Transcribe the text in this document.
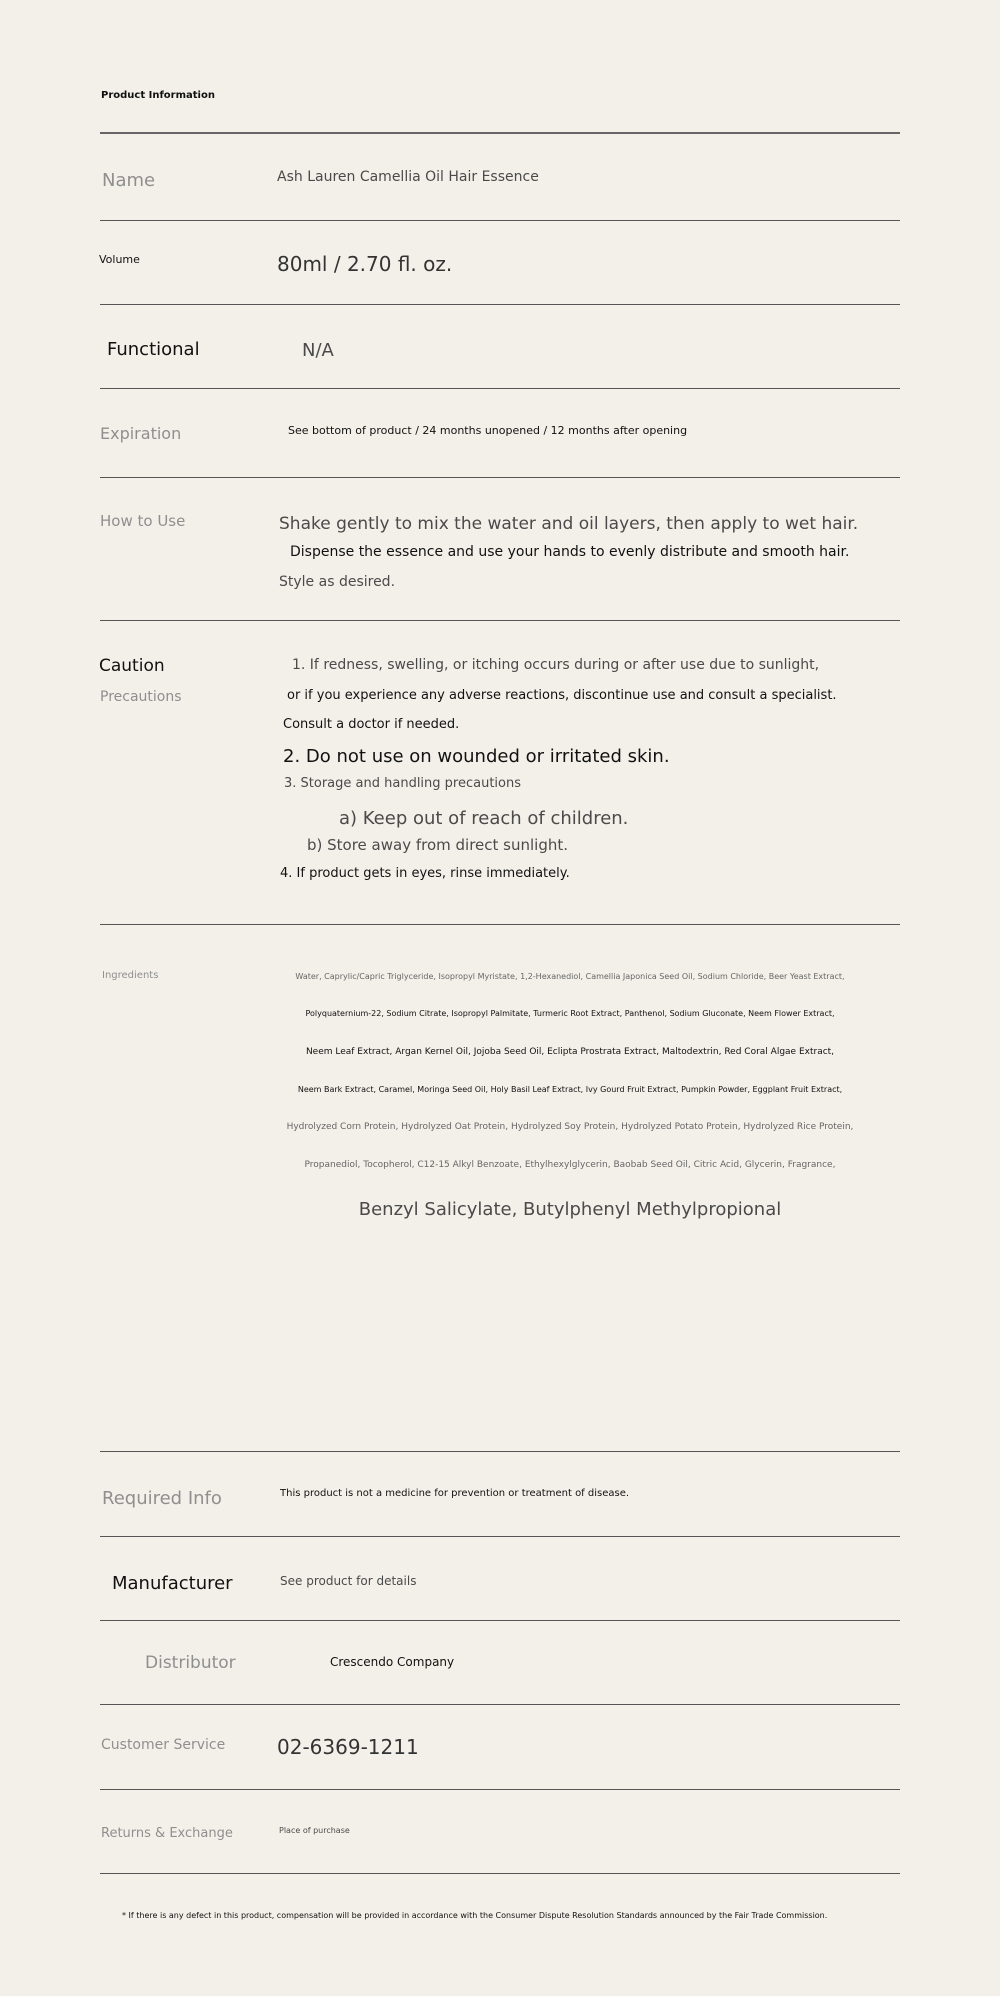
Product Information
Name	Ash Lauren Camellia Oil Hair Essence
Volume	80ml / 2.70 fl. oz.
Functional	N/A
Expiration	See bottom of product / 24 months unopened / 12 months after opening
How to Use	Shake gently to mix the water and oil layers, then apply to wet hair.
Dispense the essence and use your hands to evenly distribute and smooth hair.
Style as desired.
Caution
Precautions
1. If redness, swelling, or itching occurs during or after use due to sunlight,
or if you experience any adverse reactions, discontinue use and consult a specialist.
Consult a doctor if needed.
2. Do not use on wounded or irritated skin.
3. Storage and handling precautions
a) Keep out of reach of children.
b) Store away from direct sunlight.
4. If product gets in eyes, rinse immediately.
Ingredients	Water, Caprylic/Capric Triglyceride, Isopropyl Myristate, 1,2-Hexanediol, Camellia Japonica Seed Oil, Sodium Chloride, Beer Yeast Extract,
Polyquaternium-22, Sodium Citrate, Isopropyl Palmitate, Turmeric Root Extract, Panthenol, Sodium Gluconate, Neem Flower Extract,
Neem Leaf Extract, Argan Kernel Oil, Jojoba Seed Oil, Eclipta Prostrata Extract, Maltodextrin, Red Coral Algae Extract,
Neem Bark Extract, Caramel, Moringa Seed Oil, Holy Basil Leaf Extract, Ivy Gourd Fruit Extract, Pumpkin Powder, Eggplant Fruit Extract,
Hydrolyzed Corn Protein, Hydrolyzed Oat Protein, Hydrolyzed Soy Protein, Hydrolyzed Potato Protein, Hydrolyzed Rice Protein,
Propanediol, Tocopherol, C12-15 Alkyl Benzoate, Ethylhexylglycerin, Baobab Seed Oil, Citric Acid, Glycerin, Fragrance,
Benzyl Salicylate, Butylphenyl Methylpropional
Required Info	This product is not a medicine for prevention or treatment of disease.
Manufacturer	See product for details
Distributor	Crescendo Company
Customer Service	02-6369-1211
Returns & Exchange	Place of purchase
* If there is any defect in this product, compensation will be provided in accordance with the Consumer Dispute Resolution Standards announced by the Fair Trade Commission.
